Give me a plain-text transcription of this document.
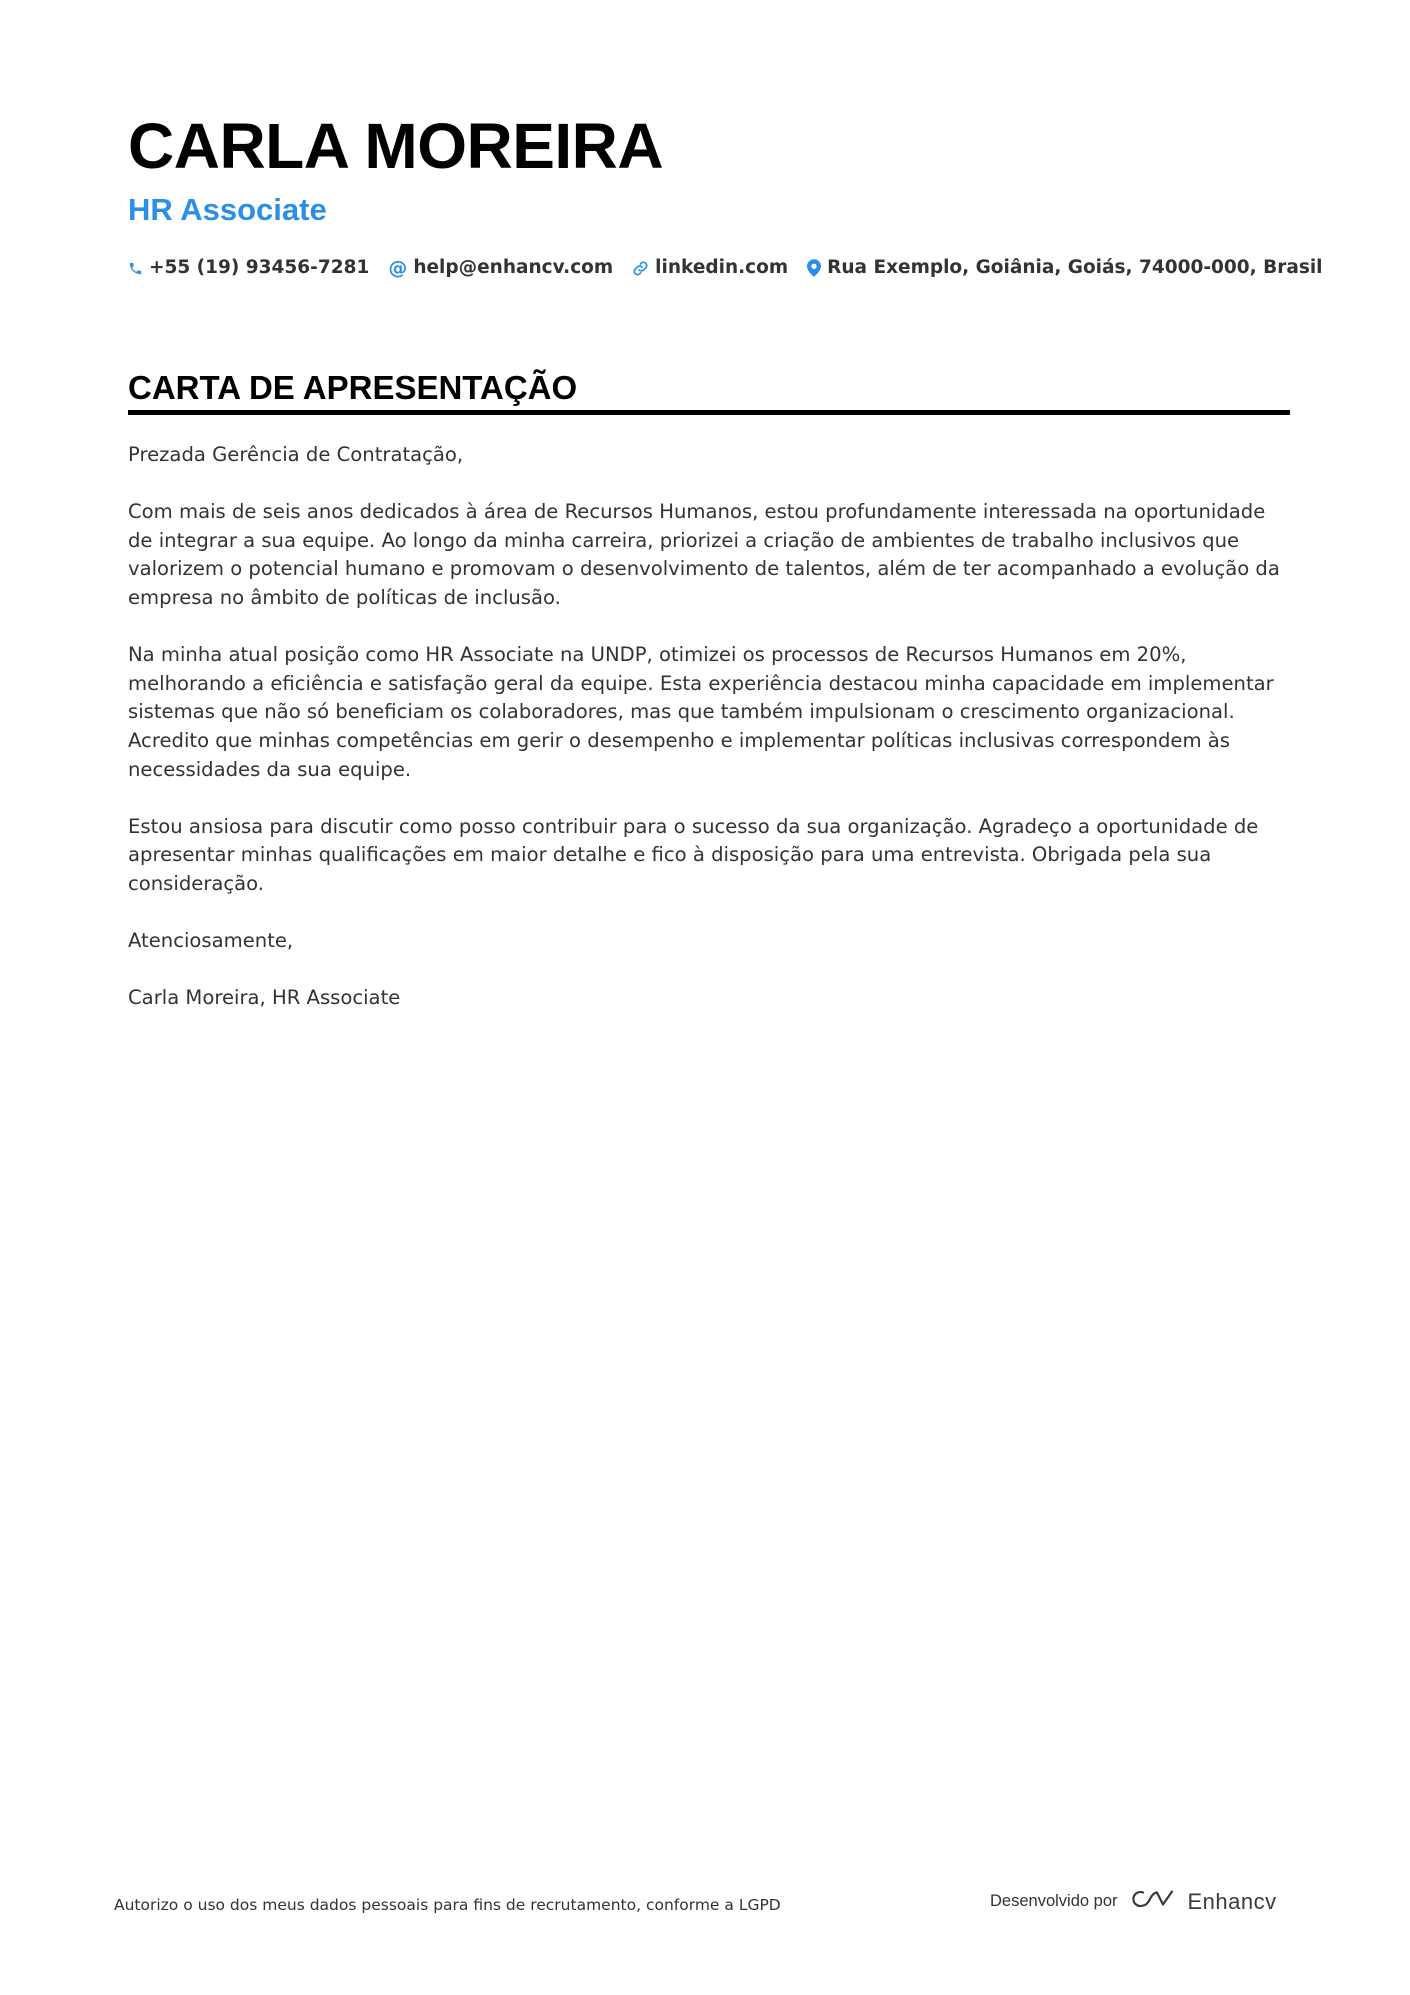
CARLA MOREIRA
HR Associate
+55 (19) 93456-7281 @ help@enhancv.com linkedin.com Rua Exemplo, Goiânia, Goiás, 74000-000, Brasil
CARTA DE APRESENTAÇÃO

Prezada Gerência de Contratação,

Com mais de seis anos dedicados à área de Recursos Humanos, estou profundamente interessada na oportunidade de integrar a sua equipe. Ao longo da minha carreira, priorizei a criação de ambientes de trabalho inclusivos que valorizem o potencial humano e promovam o desenvolvimento de talentos, além de ter acompanhado a evolução da empresa no âmbito de políticas de inclusão.

Na minha atual posição como HR Associate na UNDP, otimizei os processos de Recursos Humanos em 20%, melhorando a eficiência e satisfação geral da equipe. Esta experiência destacou minha capacidade em implementar sistemas que não só beneficiam os colaboradores, mas que também impulsionam o crescimento organizacional. Acredito que minhas competências em gerir o desempenho e implementar políticas inclusivas correspondem às necessidades da sua equipe.

Estou ansiosa para discutir como posso contribuir para o sucesso da sua organização. Agradeço a oportunidade de apresentar minhas qualificações em maior detalhe e fico à disposição para uma entrevista. Obrigada pela sua consideração.

Atenciosamente,

Carla Moreira, HR Associate

Autorizo o uso dos meus dados pessoais para fins de recrutamento, conforme a LGPD	Desenvolvido por	Enhancv
